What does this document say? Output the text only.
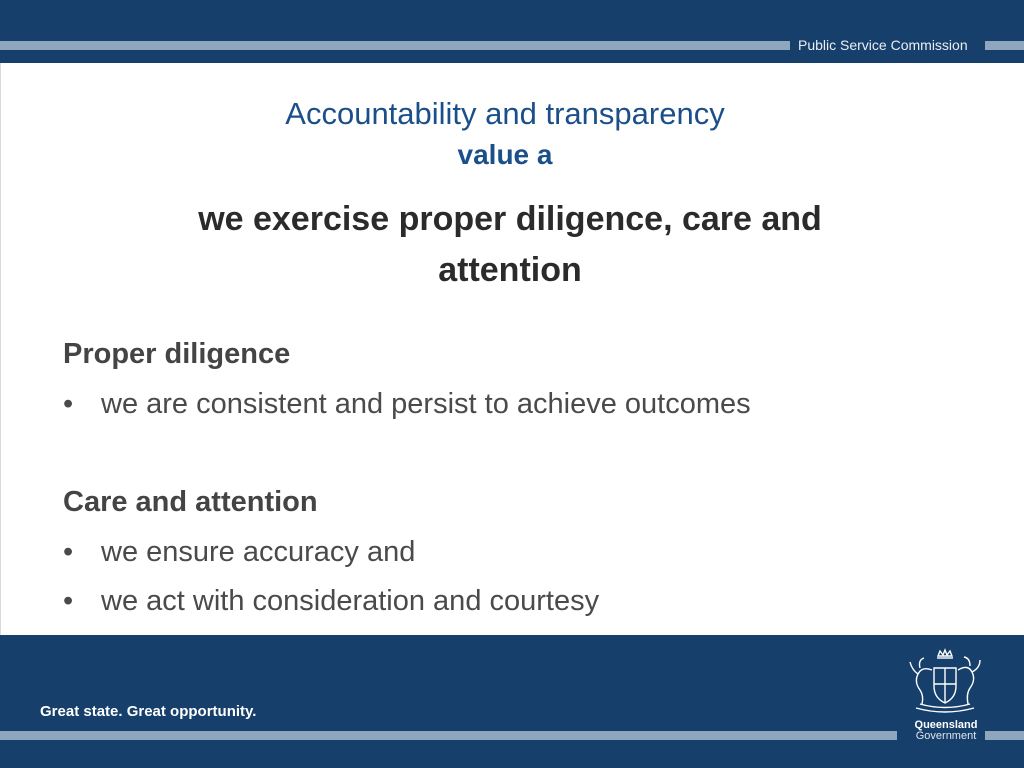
Public Service Commission
Accountability and transparency
value a
we exercise proper diligence, care and attention
Proper diligence
• we are consistent and persist to achieve outcomes
Care and attention
• we ensure accuracy and
• we act with consideration and courtesy
Great state. Great opportunity.
Queensland
Government
